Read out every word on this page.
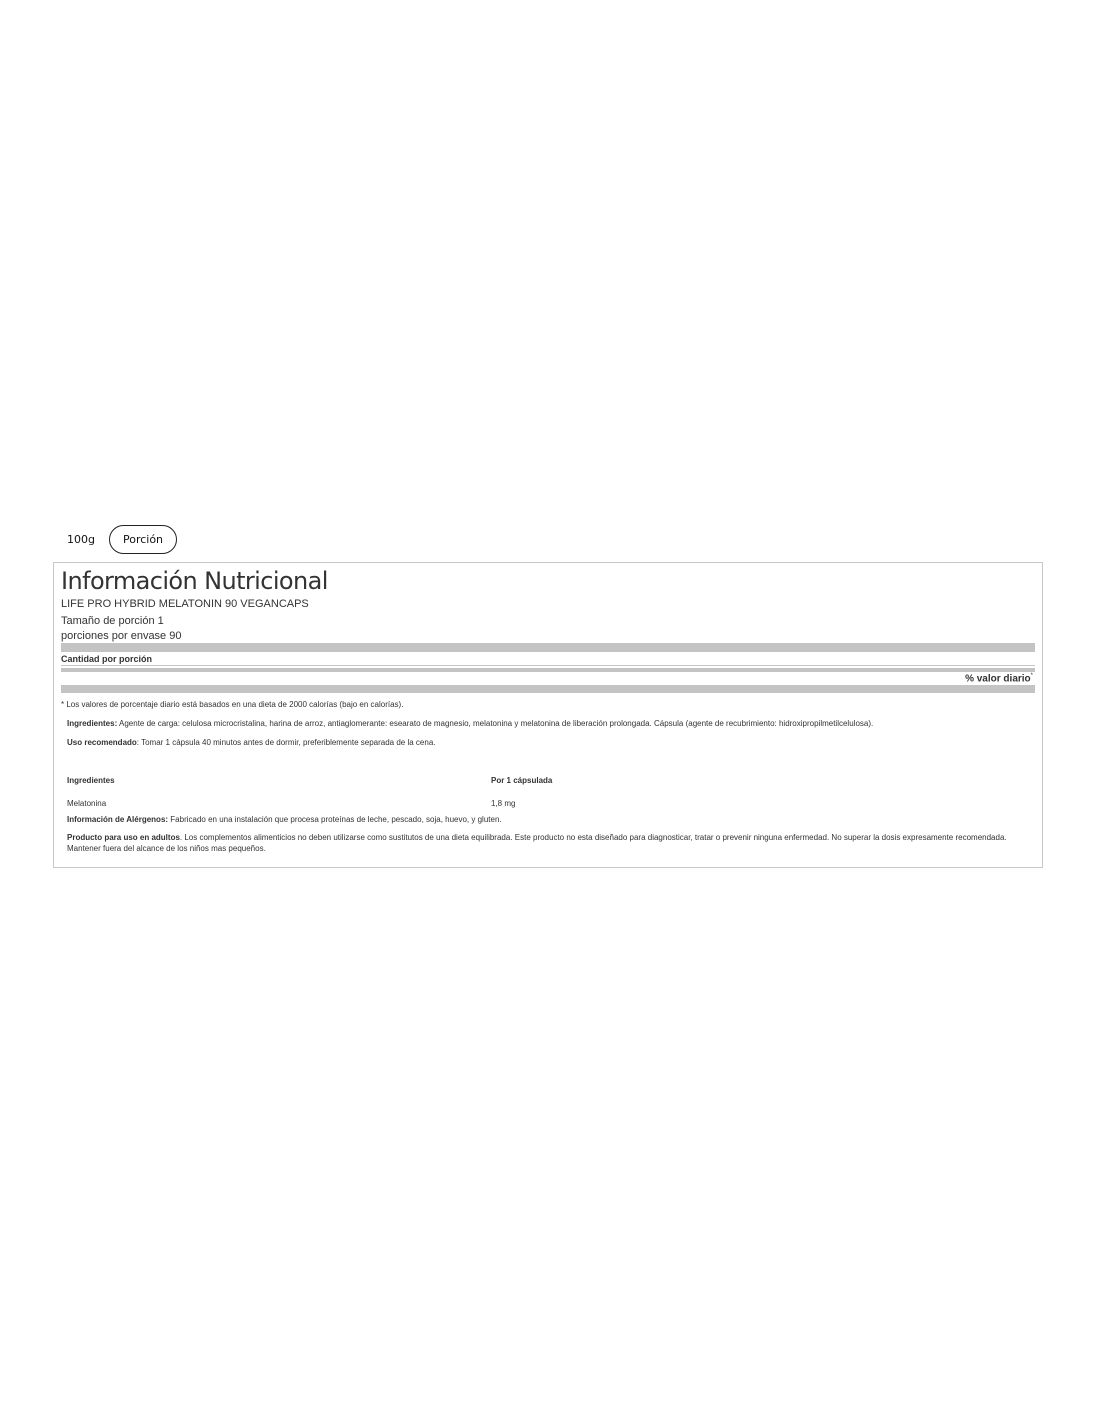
100g	Porción
Información Nutricional
LIFE PRO HYBRID MELATONIN 90 VEGANCAPS
Tamaño de porción 1
porciones por envase 90
Cantidad por porción
% valor diario*
* Los valores de porcentaje diario está basados en una dieta de 2000 calorías (bajo en calorías).
Ingredientes: Agente de carga: celulosa microcristalina, harina de arroz, antiaglomerante: esearato de magnesio, melatonina y melatonina de liberación prolongada. Cápsula (agente de recubrimiento: hidroxipropilmetilcelulosa).
Uso recomendado: Tomar 1 cápsula 40 minutos antes de dormir, preferiblemente separada de la cena.
Ingredientes	Por 1 cápsulada
Melatonina	1,8 mg
Información de Alérgenos: Fabricado en una instalación que procesa proteínas de leche, pescado, soja, huevo, y gluten.
Producto para uso en adultos. Los complementos alimenticios no deben utilizarse como sustitutos de una dieta equilibrada. Este producto no esta diseñado para diagnosticar, tratar o prevenir ninguna enfermedad. No superar la dosis expresamente recomendada. Mantener fuera del alcance de los niños mas pequeños.
